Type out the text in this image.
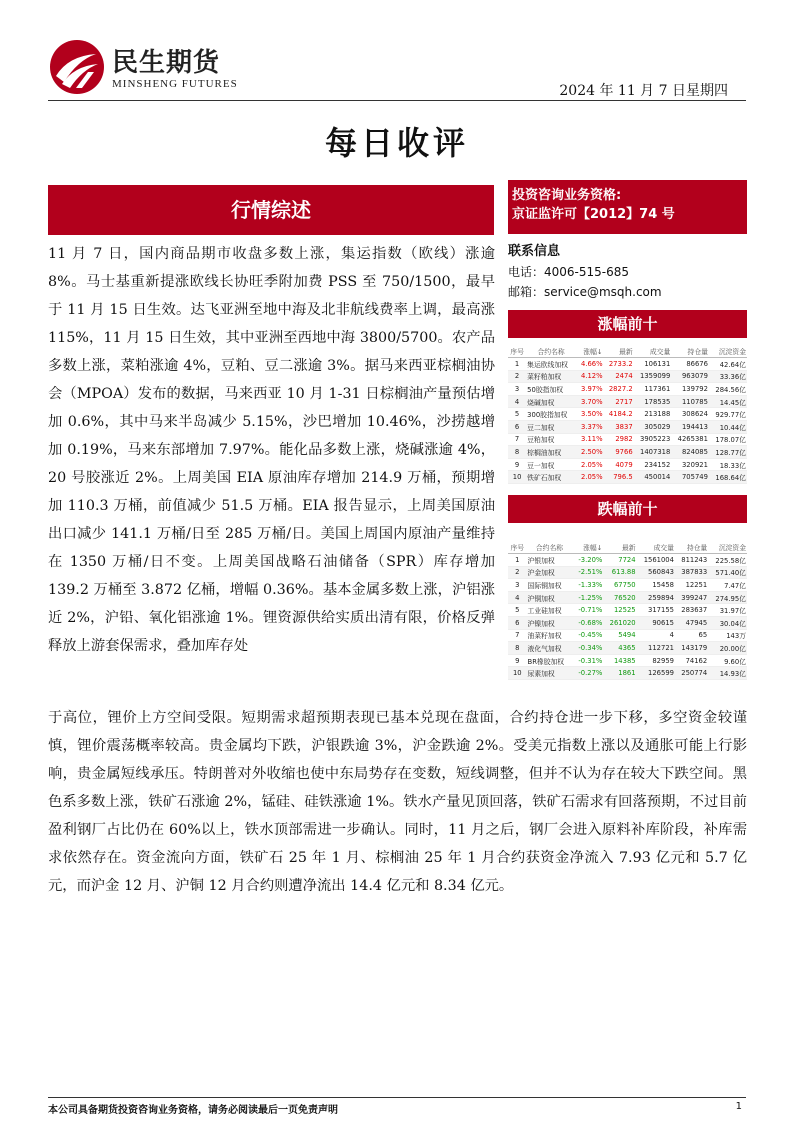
民生期货
MINSHENG FUTURES	2024 年 11 月 7 日星期四
每日收评
行情综述

11 月 7 日，国内商品期市收盘多数上涨，集运指数（欧线）涨逾 8%。马士基重新提涨欧线长协旺季附加费 PSS 至 750/1500，最早于 11 月 15 日生效。达飞亚洲至地中海及北非航线费率上调，最高涨 115%，11 月 15 日生效，其中亚洲至西地中海 3800/5700。农产品多数上涨，菜粕涨逾 4%，豆粕、豆二涨逾 3%。据马来西亚棕榈油协会（MPOA）发布的数据，马来西亚 10 月 1-31 日棕榈油产量预估增加 0.6%，其中马来半岛减少 5.15%，沙巴增加 10.46%，沙捞越增加 0.19%，马来东部增加 7.97%。能化品多数上涨，烧碱涨逾 4%，20 号胶涨近 2%。上周美国 EIA 原油库存增加 214.9 万桶，预期增加 110.3 万桶，前值减少 51.5 万桶。EIA 报告显示，上周美国原油出口减少 141.1 万桶/日至 285 万桶/日。美国上周国内原油产量维持在 1350 万桶/日不变。上周美国战略石油储备（SPR）库存增加 139.2 万桶至 3.872 亿桶，增幅 0.36%。基本金属多数上涨，沪铝涨近 2%，沪铅、氧化铝涨逾 1%。锂资源供给实质出清有限，价格反弹释放上游套保需求，叠加库存处

投资咨询业务资格:
京证监许可【2012】74 号
联系信息
电话：4006-515-685
邮箱：service@msqh.com
涨幅前十
序号	合约名称	涨幅↓	最新	成交量	持仓量	沉淀资金
1	集运欧线加权	4.66%	2733.2	106131	86676	42.64亿
2	菜籽粕加权	4.12%	2474	1359099	963079	33.36亿
3	50胶指加权	3.97%	2827.2	117361	139792	284.56亿
4	烧碱加权	3.70%	2717	178535	110785	14.45亿
5	300胶指加权	3.50%	4184.2	213188	308624	929.77亿
6	豆二加权	3.37%	3837	305029	194413	10.44亿
7	豆粕加权	3.11%	2982	3905223	4265381	178.07亿
8	棕榈油加权	2.50%	9766	1407318	824085	128.77亿
9	豆一加权	2.05%	4079	234152	320921	18.33亿
10	铁矿石加权	2.05%	796.5	450014	705749	168.64亿
跌幅前十
序号	合约名称	涨幅↓	最新	成交量	持仓量	沉淀资金
1	沪银加权	-3.20%	7724	1561004	811243	225.58亿
2	沪金加权	-2.51%	613.88	560843	387833	571.40亿
3	国际铜加权	-1.33%	67750	15458	12251	7.47亿
4	沪铜加权	-1.25%	76520	259894	399247	274.95亿
5	工业硅加权	-0.71%	12525	317155	283637	31.97亿
6	沪镍加权	-0.68%	261020	90615	47945	30.04亿
7	油菜籽加权	-0.45%	5494	4	65	143万
8	液化气加权	-0.34%	4365	112721	143179	20.00亿
9	BR橡胶加权	-0.31%	14385	82959	74162	9.60亿
10	尿素加权	-0.27%	1861	126599	250774	14.93亿

于高位，锂价上方空间受限。短期需求超预期表现已基本兑现在盘面，合约持仓进一步下移，多空资金较谨慎，锂价震荡概率较高。贵金属均下跌，沪银跌逾 3%，沪金跌逾 2%。受美元指数上涨以及通胀可能上行影响，贵金属短线承压。特朗普对外收缩也使中东局势存在变数，短线调整，但并不认为存在较大下跌空间。黑色系多数上涨，铁矿石涨逾 2%，锰硅、硅铁涨逾 1%。铁水产量见顶回落，铁矿石需求有回落预期，不过目前盈利钢厂占比仍在 60%以上，铁水顶部需进一步确认。同时，11 月之后，钢厂会进入原料补库阶段，补库需求依然存在。资金流向方面，铁矿石 25 年 1 月、棕榈油 25 年 1 月合约获资金净流入 7.93 亿元和 5.7 亿元，而沪金 12 月、沪铜 12 月合约则遭净流出 14.4 亿元和 8.34 亿元。

本公司具备期货投资咨询业务资格，请务必阅读最后一页免责声明	1
